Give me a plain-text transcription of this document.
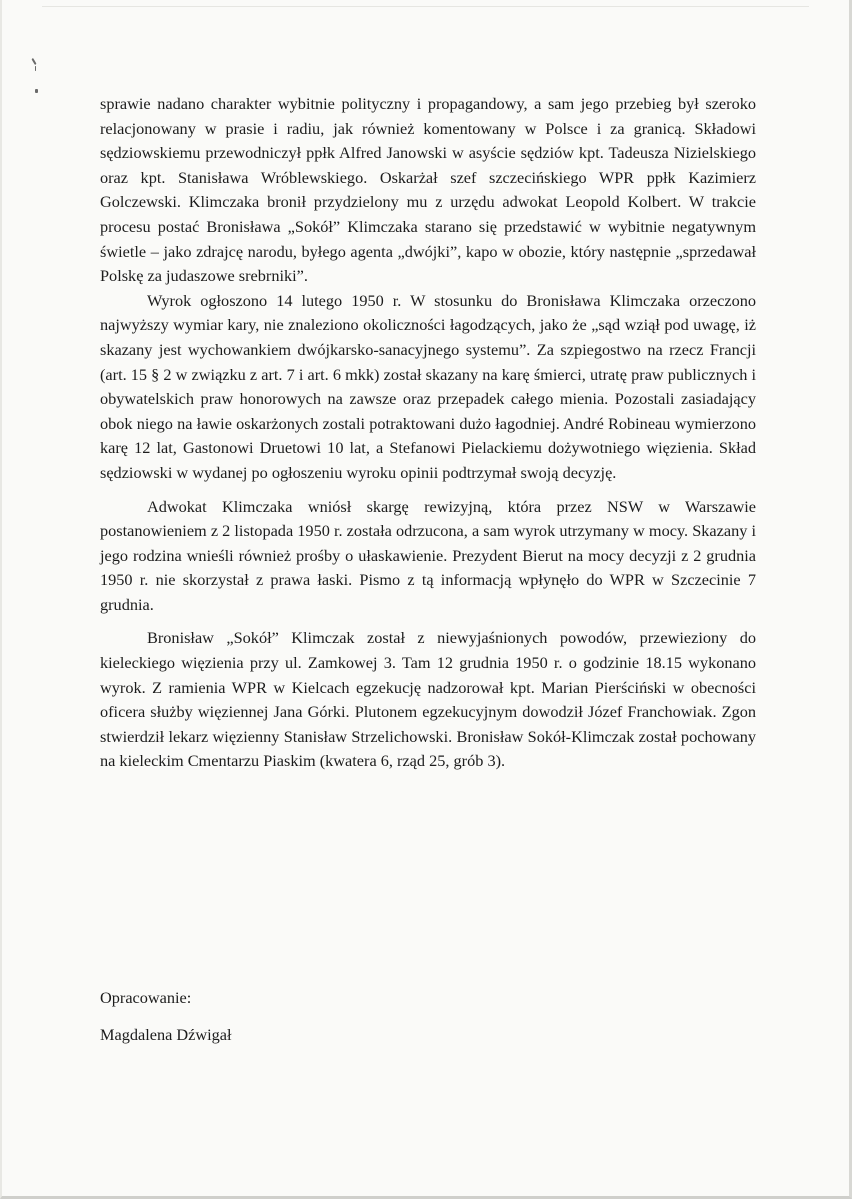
sprawie nadano charakter wybitnie polityczny i propagandowy, a sam jego przebieg był szeroko relacjonowany w prasie i radiu, jak również komentowany w Polsce i za granicą. Składowi sędziowskiemu przewodniczył ppłk Alfred Janowski w asyście sędziów kpt. Tadeusza Nizielskiego oraz kpt. Stanisława Wróblewskiego. Oskarżał szef szczecińskiego WPR ppłk Kazimierz Golczewski. Klimczaka bronił przydzielony mu z urzędu adwokat Leopold Kolbert. W trakcie procesu postać Bronisława „Sokół” Klimczaka starano się przedstawić w wybitnie negatywnym świetle – jako zdrajcę narodu, byłego agenta „dwójki”, kapo w obozie, który następnie „sprzedawał Polskę za judaszowe srebrniki”.

Wyrok ogłoszono 14 lutego 1950 r. W stosunku do Bronisława Klimczaka orzeczono najwyższy wymiar kary, nie znaleziono okoliczności łagodzących, jako że „sąd wziął pod uwagę, iż skazany jest wychowankiem dwójkarsko-sanacyjnego systemu”. Za szpiegostwo na rzecz Francji (art. 15 § 2 w związku z art. 7 i art. 6 mkk) został skazany na karę śmierci, utratę praw publicznych i obywatelskich praw honorowych na zawsze oraz przepadek całego mienia. Pozostali zasiadający obok niego na ławie oskarżonych zostali potraktowani dużo łagodniej. André Robineau wymierzono karę 12 lat, Gastonowi Druetowi 10 lat, a Stefanowi Pielackiemu dożywotniego więzienia. Skład sędziowski w wydanej po ogłoszeniu wyroku opinii podtrzymał swoją decyzję.

Adwokat Klimczaka wniósł skargę rewizyjną, która przez NSW w Warszawie postanowieniem z 2 listopada 1950 r. została odrzucona, a sam wyrok utrzymany w mocy. Skazany i jego rodzina wnieśli również prośby o ułaskawienie. Prezydent Bierut na mocy decyzji z 2 grudnia 1950 r. nie skorzystał z prawa łaski. Pismo z tą informacją wpłynęło do WPR w Szczecinie 7 grudnia.

Bronisław „Sokół” Klimczak został z niewyjaśnionych powodów, przewieziony do kieleckiego więzienia przy ul. Zamkowej 3. Tam 12 grudnia 1950 r. o godzinie 18.15 wykonano wyrok. Z ramienia WPR w Kielcach egzekucję nadzorował kpt. Marian Pierściński w obecności oficera służby więziennej Jana Górki. Plutonem egzekucyjnym dowodził Józef Franchowiak. Zgon stwierdził lekarz więzienny Stanisław Strzelichowski. Bronisław Sokół-Klimczak został pochowany na kieleckim Cmentarzu Piaskim (kwatera 6, rząd 25, grób 3).

Opracowanie:
Magdalena Dźwigał
